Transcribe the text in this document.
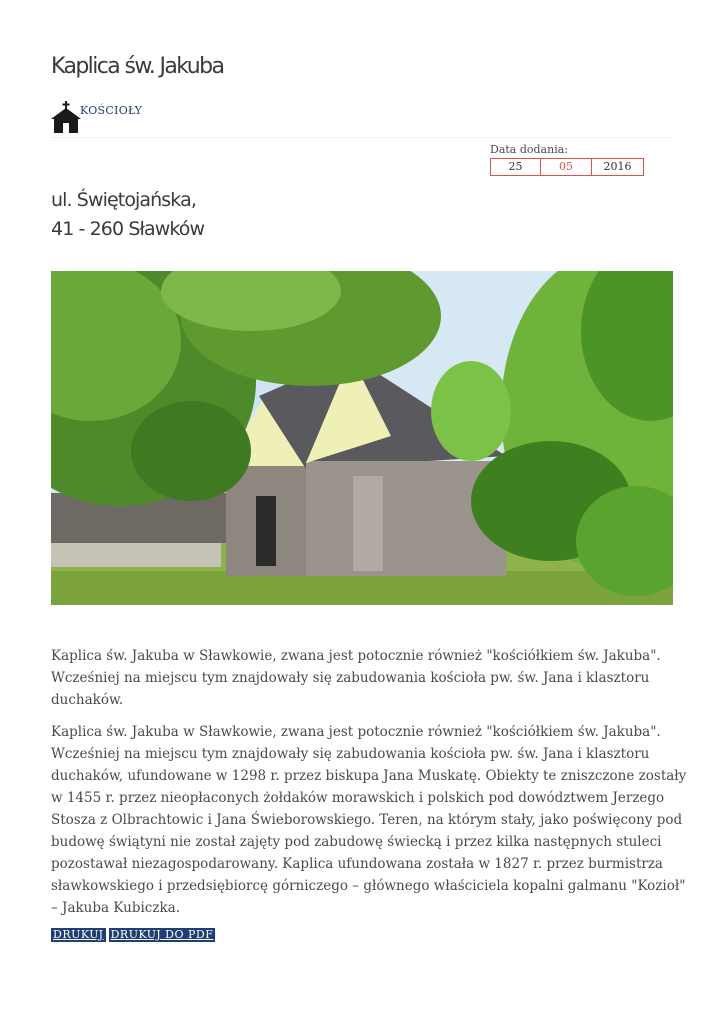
Kaplica św. Jakuba
KOŚCIOŁY
Data dodania:
25	05	2016
ul. Świętojańska,
41 - 260 Sławków

Kaplica św. Jakuba w Sławkowie, zwana jest potocznie również "kościółkiem św. Jakuba". Wcześniej na miejscu tym znajdowały się zabudowania kościoła pw. św. Jana i klasztoru duchaków.

Kaplica św. Jakuba w Sławkowie, zwana jest potocznie również "kościółkiem św. Jakuba". Wcześniej na miejscu tym znajdowały się zabudowania kościoła pw. św. Jana i klasztoru duchaków, ufundowane w 1298 r. przez biskupa Jana Muskatę. Obiekty te zniszczone zostały w 1455 r. przez nieopłaconych żołdaków morawskich i polskich pod dowództwem Jerzego Stosza z Olbrachtowic i Jana Świeborowskiego. Teren, na którym stały, jako poświęcony pod budowę świątyni nie został zajęty pod zabudowę świecką i przez kilka następnych stuleci pozostawał niezagospodarowany. Kaplica ufundowana została w 1827 r. przez burmistrza sławkowskiego i przedsiębiorcę górniczego – głównego właściciela kopalni galmanu "Kozioł" – Jakuba Kubiczka.

DRUKUJ DRUKUJ DO PDF
